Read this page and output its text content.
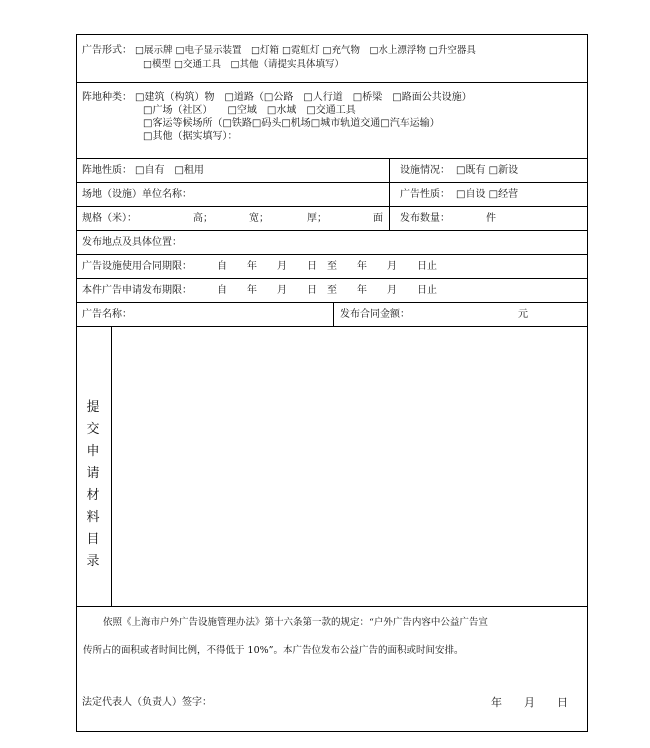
广告形式： □展示牌 □电子显示装置　□灯箱 □霓虹灯 □充气物　□水上漂浮物 □升空器具
□模型 □交通工具　□其他（请提实具体填写）
阵地种类： □建筑（构筑）物　□道路（□公路　□人行道　□桥梁　□路面公共设施）
□广场（社区）　　□空域　□水域　□交通工具
□客运等候场所（□铁路□码头□机场□城市轨道交通□汽车运输）
□其他（据实填写）：
阵地性质： □自有　□租用	设施情况： □既有 □新设
场地（设施）单位名称：	广告性质： □自设 □经营
规格（米）：	高；	宽；	厚；	面 发布数量：	件
发布地点及具体位置：
广告设施使用合同期限：	自　　年　　月　　日　至　　年　　月　　日止
本件广告申请发布期限：	自　　年　　月　　日　至　　年　　月　　日止
广告名称：	发布合同金额：	元
提
交
申
请
材
料
目
录
依照《上海市户外广告设施管理办法》第十六条第一款的规定：“户外广告内容中公益广告宣
传所占的面积或者时间比例，不得低于 10%”。本广告位发布公益广告的面积或时间安排。
法定代表人（负责人）签字：	年　　月　　日
